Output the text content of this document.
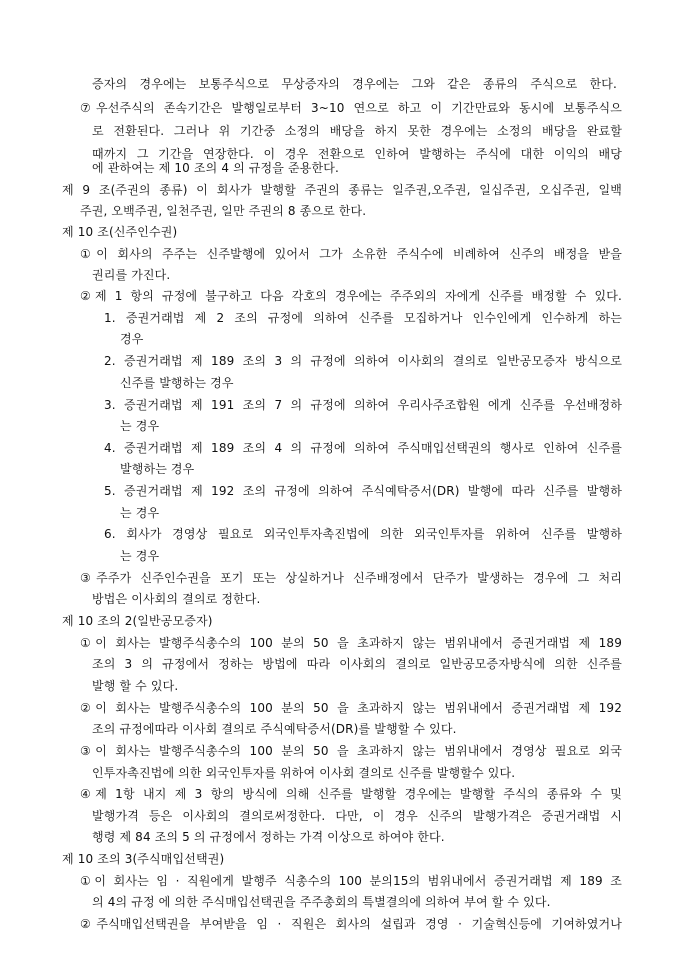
증자의 경우에는 보통주식으로 무상증자의 경우에는 그와 같은 종류의 주식으로 한다.
⑦우선주식의 존속기간은 발행일로부터 3~10 연으로 하고 이 기간만료와 동시에 보통주식으
로 전환된다. 그러나 위 기간중 소정의 배당을 하지 못한 경우에는 소정의 배당을 완료할
때까지 그 기간을 연장한다. 이 경우 전환으로 인하여 발행하는 주식에 대한 이익의 배당
에 관하여는 제 10 조의 4 의 규정을 준용한다.
제 9 조(주권의 종류) 이 회사가 발행할 주권의 종류는 일주권,오주권, 일십주권, 오십주권, 일백
주권, 오백주권, 일천주권, 일만 주권의 8 종으로 한다.
제 10 조(신주인수권)
①이 회사의 주주는 신주발행에 있어서 그가 소유한 주식수에 비례하여 신주의 배정을 받을
권리를 가진다.
②제 1 항의 규정에 불구하고 다음 각호의 경우에는 주주외의 자에게 신주를 배정할 수 있다.
1. 증권거래법 제 2 조의 규정에 의하여 신주를 모집하거나 인수인에게 인수하게 하는
경우
2. 증권거래법 제 189 조의 3 의 규정에 의하여 이사회의 결의로 일반공모증자 방식으로
신주를 발행하는 경우
3. 증권거래법 제 191 조의 7 의 규정에 의하여 우리사주조합원 에게 신주를 우선배정하
는 경우
4. 증권거래법 제 189 조의 4 의 규정에 의하여 주식매입선택권의 행사로 인하여 신주를
발행하는 경우
5. 증권거래법 제 192 조의 규정에 의하여 주식예탁증서(DR) 발행에 따라 신주를 발행하
는 경우
6. 회사가 경영상 필요로 외국인투자촉진법에 의한 외국인투자를 위하여 신주를 발행하
는 경우
③주주가 신주인수권을 포기 또는 상실하거나 신주배정에서 단주가 발생하는 경우에 그 처리
방법은 이사회의 결의로 정한다.
제 10 조의 2(일반공모증자)
①이 회사는 발행주식총수의 100 분의 50 을 초과하지 않는 범위내에서 증권거래법 제 189
조의 3 의 규정에서 정하는 방법에 따라 이사회의 결의로 일반공모증자방식에 의한 신주를
발행 할 수 있다.
②이 회사는 발행주식총수의 100 분의 50 을 초과하지 않는 범위내에서 증권거래법 제 192
조의 규정에따라 이사회 결의로 주식예탁증서(DR)를 발행할 수 있다.
③이 회사는 발행주식총수의 100 분의 50 을 초과하지 않는 범위내에서 경영상 필요로 외국
인투자촉진법에 의한 외국인투자를 위하여 이사회 결의로 신주를 발행할수 있다.
④제 1항 내지 제 3 항의 방식에 의해 신주를 발행할 경우에는 발행할 주식의 종류와 수 및
발행가격 등은 이사회의 결의로써정한다. 다만, 이 경우 신주의 발행가격은 증권거래법 시
행령 제 84 조의 5 의 규정에서 정하는 가격 이상으로 하여야 한다.
제 10 조의 3(주식매입선택권)
①이 회사는 임 · 직원에게 발행주 식총수의 100 분의15의 범위내에서 증권거래법 제 189 조
의 4의 규정 에 의한 주식매입선택권을 주주총회의 특별결의에 의하여 부여 할 수 있다.
②주식매입선택권을 부여받을 임 · 직원은 회사의 설립과 경영 · 기술혁신등에 기여하였거나
